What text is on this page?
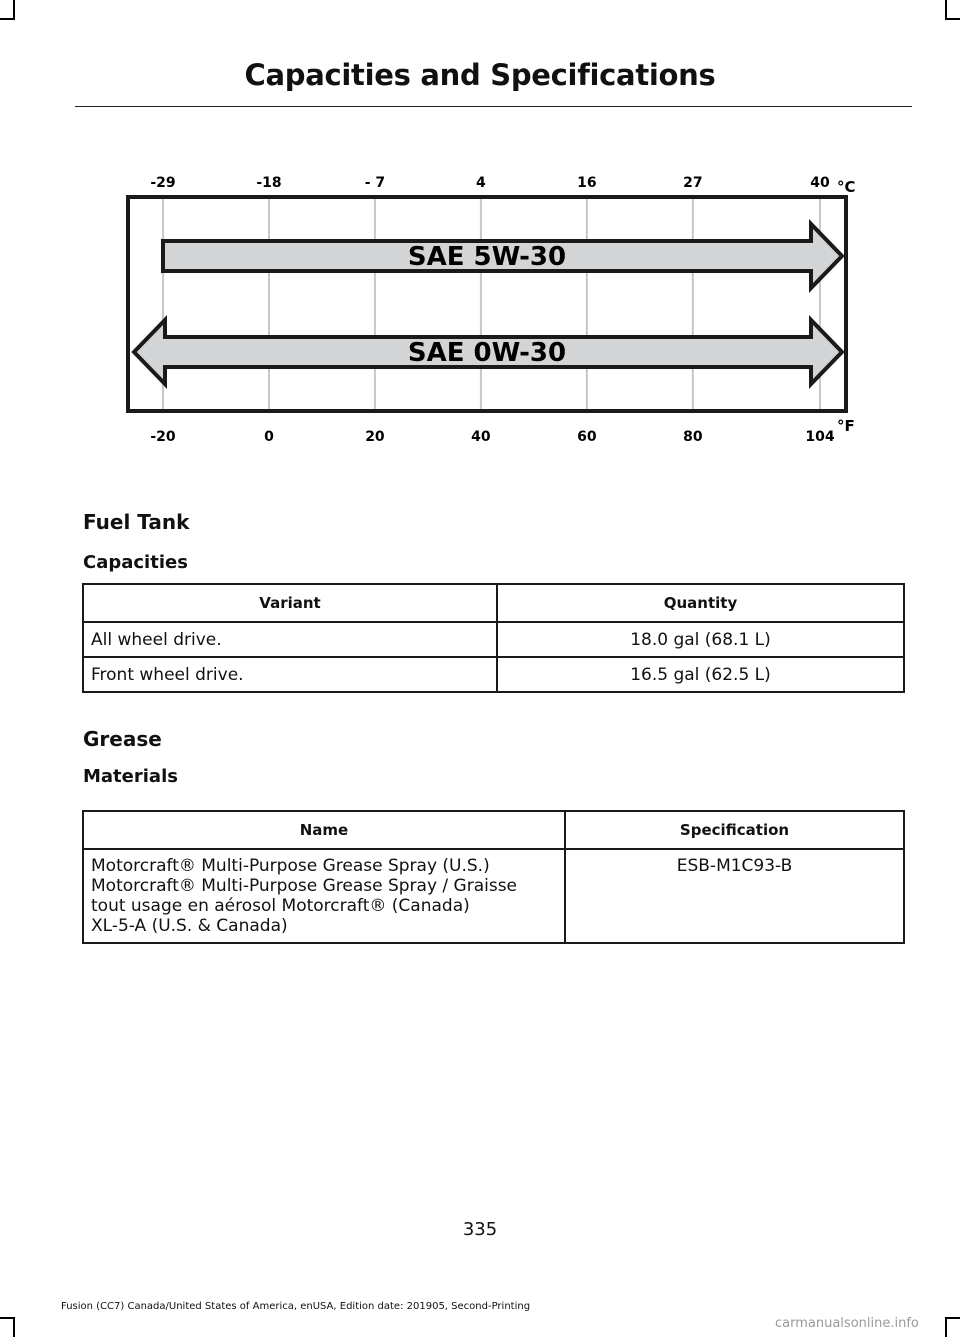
Capacities and Specifications
SAE 5W-30
SAE 0W-30
-29	-18	- 7	4	16	27	40
-20	0	20	40	60	80	104
°C
°F
Fuel Tank
Capacities
Variant	Quantity
All wheel drive.	18.0 gal (68.1 L)
Front wheel drive.	16.5 gal (62.5 L)
Grease
Materials
Name	Specification

Motorcraft® Multi-Purpose Grease Spray (U.S.)
Motorcraft® Multi-Purpose Grease Spray / Graisse
tout usage en aérosol Motorcraft® (Canada)
XL-5-A (U.S. & Canada)	ESB-M1C93-B
335
Fusion (CC7) Canada/United States of America, enUSA, Edition date: 201905, Second-Printing
carmanualsonline.info
